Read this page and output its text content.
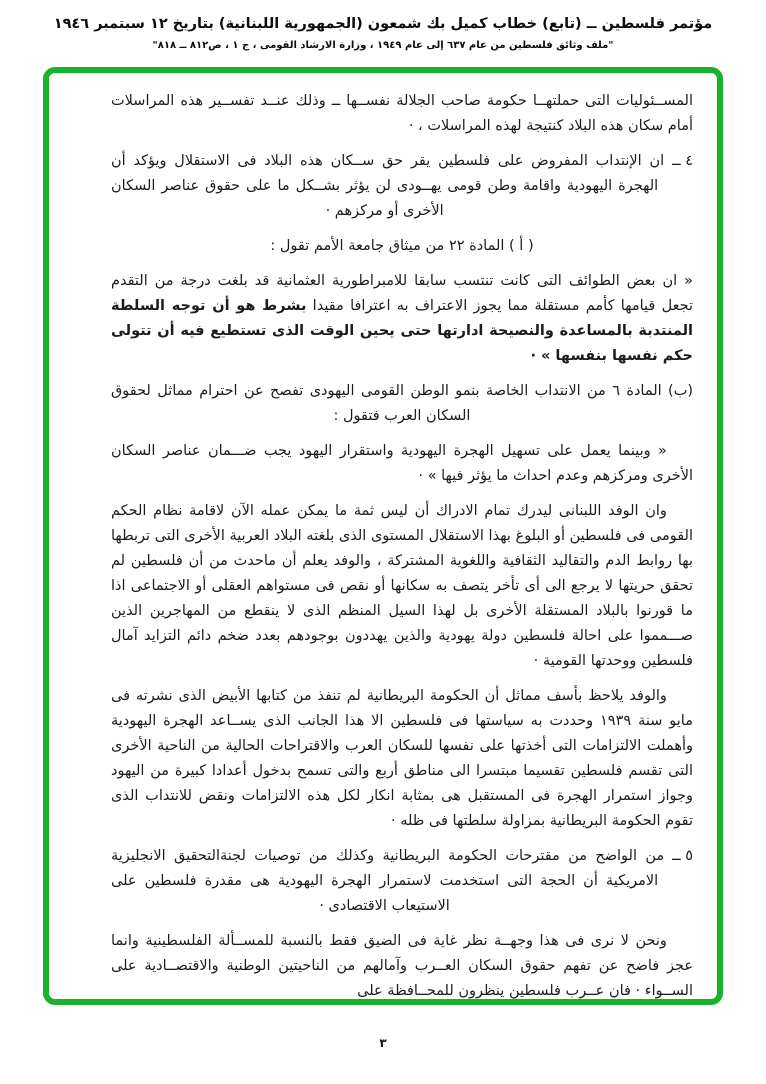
مؤتمر فلسطين ــ (تابع) خطاب كميل بك شمعون (الجمهورية اللبنانية) بتاريخ ١٢ سبتمبر ١٩٤٦
"ملف وثائق فلسطين من عام ٦٣٧ إلى عام ١٩٤٩ ، وزارة الارشاد القومى ، ج ١ ، ص٨١٢ ــ ٨١٨"

المســئوليات التى حملتهــا حكومة صاحب الجلالة نفســها ــ وذلك عنــد تفســير هذه المراسلات أمام سكان هذه البلاد كنتيجة لهذه المراسلات ، ·

٤ ــان الإنتداب المفروض على فلسطين يقر حق ســكان هذه البلاد فى الاستقلال ويؤكد أن الهجرة اليهودية واقامة وطن قومى يهــودى لن يؤثر بشــكل ما على حقوق عناصر السكان الأخرى أو مركزهم ·

( أ ) المادة ٢٢ من ميثاق جامعة الأمم تقول :

« ان بعض الطوائف التى كانت تنتسب سابقا للامبراطورية العثمانية قد بلغت درجة من التقدم تجعل قيامها كأمم مستقلة مما يجوز الاعتراف به اعترافا مقيدا بشرط هو أن توجه السلطة المنتدبة بالمساعدة والنصيحة ادارتها حتى يحين الوقت الذى تستطيع فيه أن تتولى حكم نفسها بنفسها » ·

(ب) المادة ٦ من الانتداب الخاصة بنمو الوطن القومى اليهودى تفصح عن احترام مماثل لحقوق السكان العرب فتقول :

« وبينما يعمل على تسهيل الهجرة اليهودية واستقرار اليهود يجب ضـــمان عناصر السكان الأخرى ومركزهم وعدم احداث ما يؤثر فيها » ·

وان الوفد اللبنانى ليدرك تمام الادراك أن ليس ثمة ما يمكن عمله الآن لاقامة نظام الحكم القومى فى فلسطين أو البلوغ بهذا الاستقلال المستوى الذى بلغته البلاد العربية الأخرى التى تربطها بها روابط الدم والتقاليد الثقافية واللغوية المشتركة ، والوفد يعلم أن ماحدث من أن فلسطين لم تحقق حريتها لا يرجع الى أى تأخر يتصف به سكانها أو نقص فى مستواهم العقلى أو الاجتماعى اذا ما قورنوا بالبلاد المستقلة الأخرى بل لهذا السيل المنظم الذى لا ينقطع من المهاجرين الذين صـــمموا على احالة فلسطين دولة يهودية والذين يهددون بوجودهم بعدد ضخم دائم التزايد آمال فلسطين ووحدتها القومية ·

والوفد يلاحظ بأسف مماثل أن الحكومة البريطانية لم تنفذ من كتابها الأبيض الذى نشرته فى مايو سنة ١٩٣٩ وحددت به سياستها فى فلسطين الا هذا الجانب الذى يســاعد الهجرة اليهودية وأهملت الالتزامات التى أخذتها على نفسها للسكان العرب والاقتراحات الحالية من الناحية الأخرى التى تقسم فلسطين تقسيما مبتسرا الى مناطق أربع والتى تسمح بدخول أعدادا كبيرة من اليهود وجواز استمرار الهجرة فى المستقبل هى بمثابة انكار لكل هذه الالتزامات ونقض للانتداب الذى تقوم الحكومة البريطانية بمزاولة سلطتها فى ظله ·

٥ ــمن الواضح من مقترحات الحكومة البريطانية وكذلك من توصيات لجنةالتحقيق الانجليزية الامريكية أن الحجة التى استخدمت لاستمرار الهجرة اليهودية هى مقدرة فلسطين على الاستيعاب الاقتصادى ·

ونحن لا نرى فى هذا وجهــة نظر غاية فى الضيق فقط بالنسبة للمســألة الفلسطينية وانما عجز فاضح عن تفهم حقوق السكان العــرب وآمالهم من الناحيتين الوطنية والاقتصــادية على الســواء · فان عــرب فلسطين ينظرون للمحــافظة على

٣
